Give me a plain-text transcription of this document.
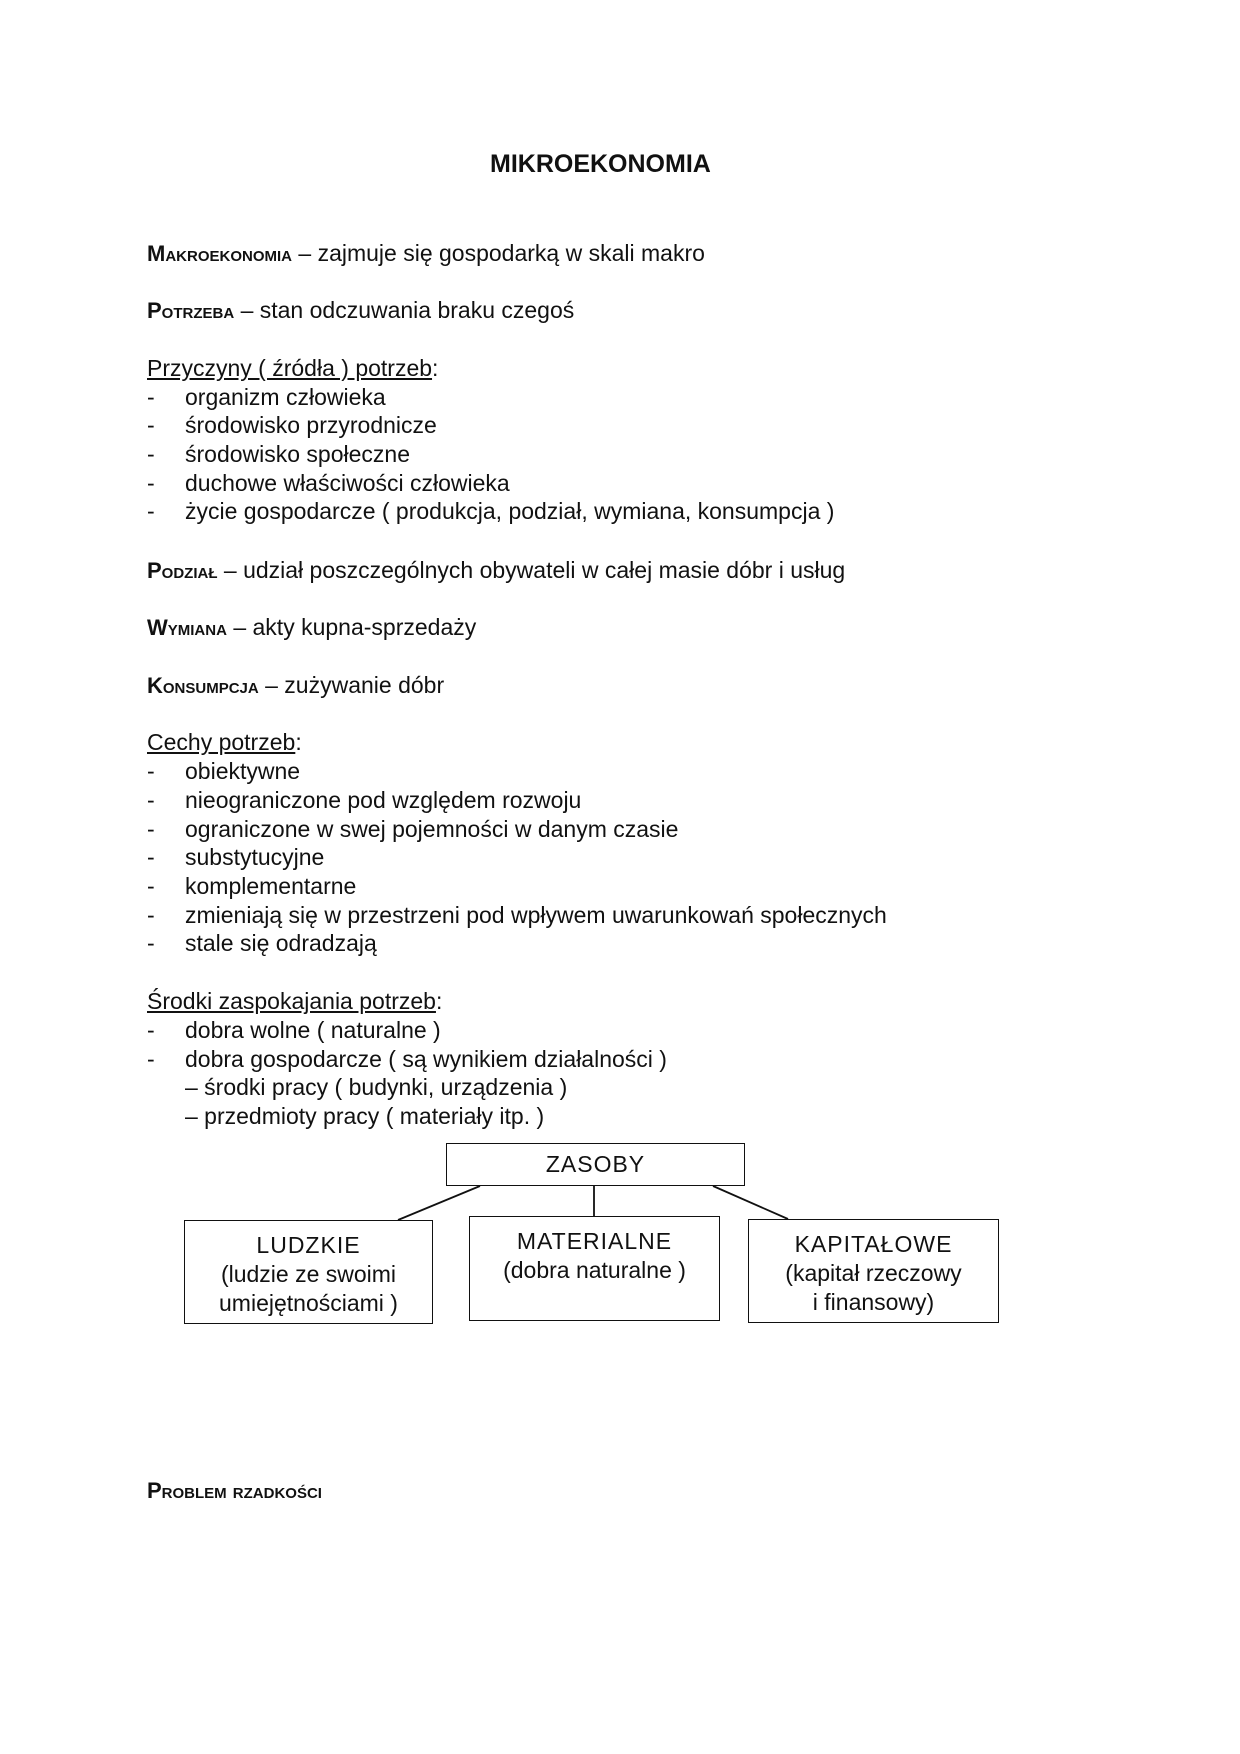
MIKROEKONOMIA
Makroekonomia – zajmuje się gospodarką w skali makro
Potrzeba – stan odczuwania braku czegoś
Przyczyny ( źródła ) potrzeb:
- organizm człowieka
- środowisko przyrodnicze
- środowisko społeczne
- duchowe właściwości człowieka
- życie gospodarcze ( produkcja, podział, wymiana, konsumpcja )
Podział – udział poszczególnych obywateli w całej masie dóbr i usług
Wymiana – akty kupna-sprzedaży
Konsumpcja – zużywanie dóbr
Cechy potrzeb:
- obiektywne
- nieograniczone pod względem rozwoju
- ograniczone w swej pojemności w danym czasie
- substytucyjne
- komplementarne
- zmieniają się w przestrzeni pod wpływem uwarunkowań społecznych
- stale się odradzają
Środki zaspokajania potrzeb:
- dobra wolne ( naturalne )
- dobra gospodarcze ( są wynikiem działalności )
– środki pracy ( budynki, urządzenia )
– przedmioty pracy ( materiały itp. )
ZASOBY
LUDZKIE
(ludzie ze swoimi
umiejętnościami )
MATERIALNE
(dobra naturalne )
KAPITAŁOWE
(kapitał rzeczowy
i finansowy)
Problem rzadkości
